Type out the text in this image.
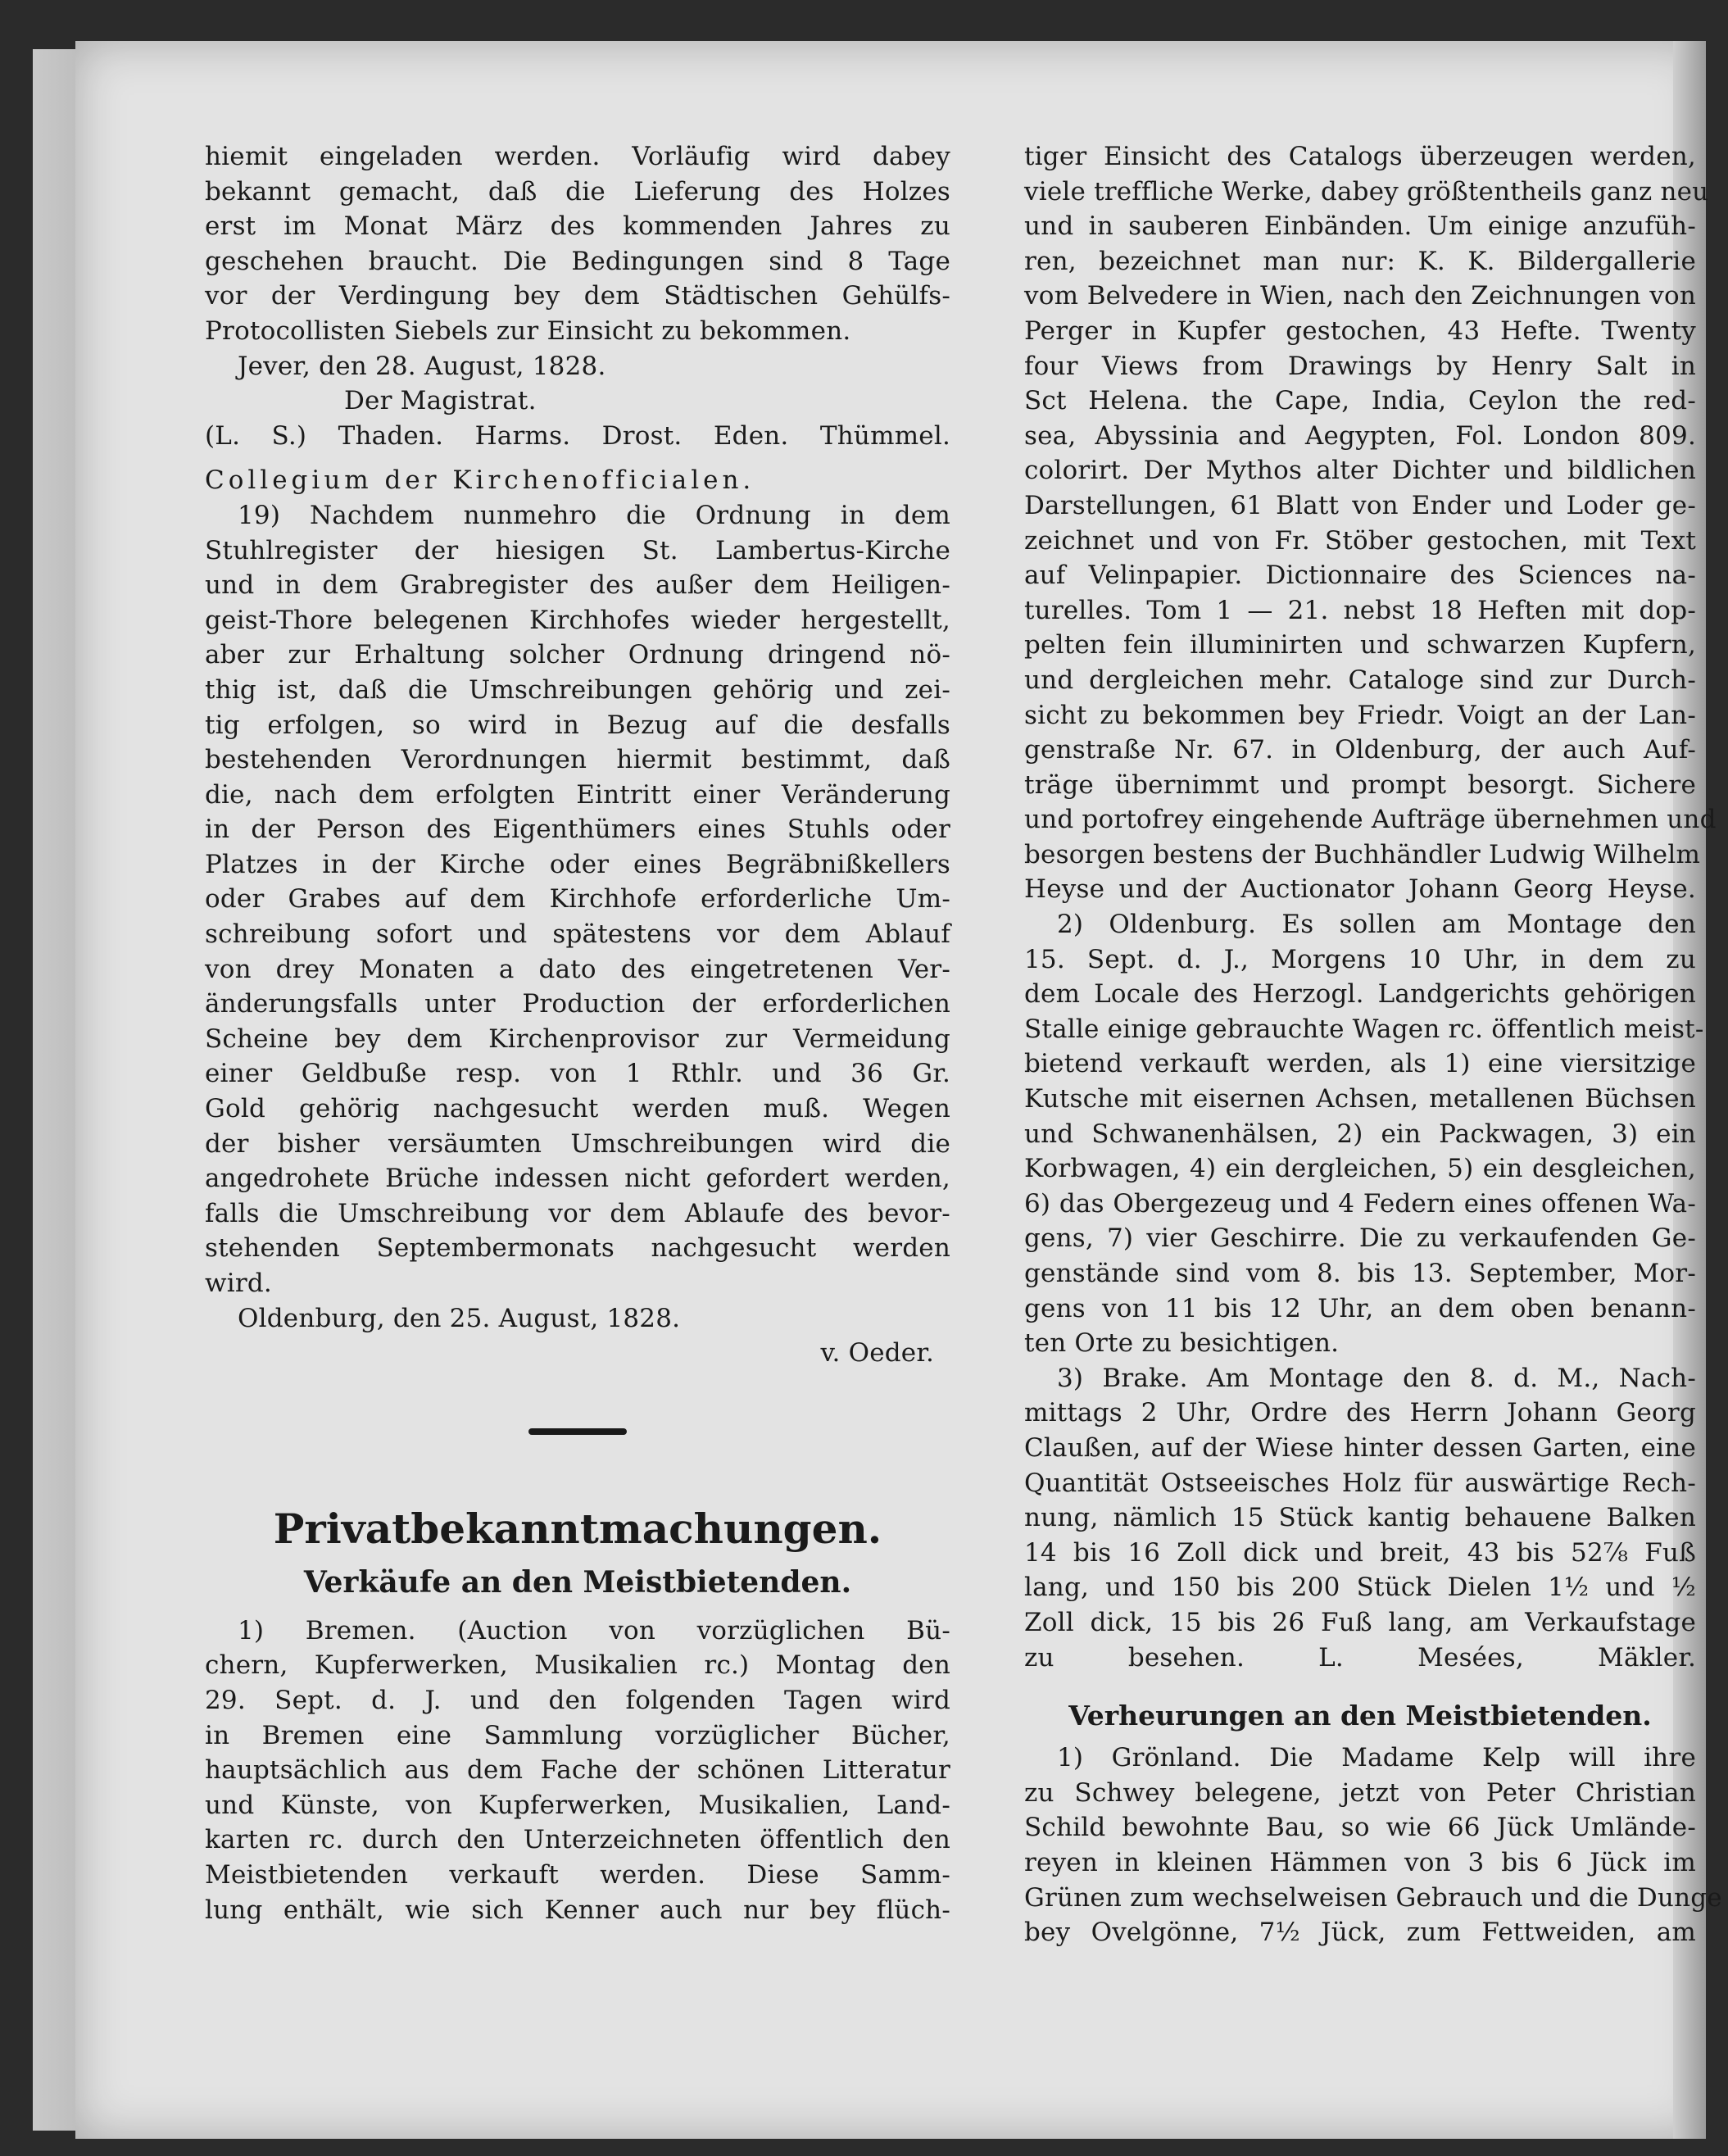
hiemit eingeladen werden. Vorläufig wird dabey
bekannt gemacht, daß die Lieferung des Holzes
erst im Monat März des kommenden Jahres zu
geschehen braucht. Die Bedingungen sind 8 Tage
vor der Verdingung bey dem Städtischen Gehülfs-
Protocollisten Siebels zur Einsicht zu bekommen.
Jever, den 28. August, 1828.
Der Magistrat.
(L. S.) Thaden. Harms. Drost. Eden. Thümmel.
Collegium der Kirchenofficialen.
19) Nachdem nunmehro die Ordnung in dem
Stuhlregister der hiesigen St. Lambertus-Kirche
und in dem Grabregister des außer dem Heiligen-
geist-Thore belegenen Kirchhofes wieder hergestellt,
aber zur Erhaltung solcher Ordnung dringend nö-
thig ist, daß die Umschreibungen gehörig und zei-
tig erfolgen, so wird in Bezug auf die desfalls
bestehenden Verordnungen hiermit bestimmt, daß
die, nach dem erfolgten Eintritt einer Veränderung
in der Person des Eigenthümers eines Stuhls oder
Platzes in der Kirche oder eines Begräbnißkellers
oder Grabes auf dem Kirchhofe erforderliche Um-
schreibung sofort und spätestens vor dem Ablauf
von drey Monaten a dato des eingetretenen Ver-
änderungsfalls unter Production der erforderlichen
Scheine bey dem Kirchenprovisor zur Vermeidung
einer Geldbuße resp. von 1 Rthlr. und 36 Gr.
Gold gehörig nachgesucht werden muß. Wegen
der bisher versäumten Umschreibungen wird die
angedrohete Brüche indessen nicht gefordert werden,
falls die Umschreibung vor dem Ablaufe des bevor-
stehenden Septembermonats nachgesucht werden
wird.
Oldenburg, den 25. August, 1828.
v. Oeder.
Privatbekanntmachungen.
Verkäufe an den Meistbietenden.
1) Bremen. (Auction von vorzüglichen Bü-
chern, Kupferwerken, Musikalien rc.) Montag den
29. Sept. d. J. und den folgenden Tagen wird
in Bremen eine Sammlung vorzüglicher Bücher,
hauptsächlich aus dem Fache der schönen Litteratur
und Künste, von Kupferwerken, Musikalien, Land-
karten rc. durch den Unterzeichneten öffentlich den
Meistbietenden verkauft werden. Diese Samm-
lung enthält, wie sich Kenner auch nur bey flüch-
tiger Einsicht des Catalogs überzeugen werden,
viele treffliche Werke, dabey größtentheils ganz neu
und in sauberen Einbänden. Um einige anzufüh-
ren, bezeichnet man nur: K. K. Bildergallerie
vom Belvedere in Wien, nach den Zeichnungen von
Perger in Kupfer gestochen, 43 Hefte. Twenty
four Views from Drawings by Henry Salt in
Sct Helena. the Cape, India, Ceylon the red-
sea, Abyssinia and Aegypten, Fol. London 809.
colorirt. Der Mythos alter Dichter und bildlichen
Darstellungen, 61 Blatt von Ender und Loder ge-
zeichnet und von Fr. Stöber gestochen, mit Text
auf Velinpapier. Dictionnaire des Sciences na-
turelles. Tom 1 — 21. nebst 18 Heften mit dop-
pelten fein illuminirten und schwarzen Kupfern,
und dergleichen mehr. Cataloge sind zur Durch-
sicht zu bekommen bey Friedr. Voigt an der Lan-
genstraße Nr. 67. in Oldenburg, der auch Auf-
träge übernimmt und prompt besorgt. Sichere
und portofrey eingehende Aufträge übernehmen und
besorgen bestens der Buchhändler Ludwig Wilhelm
Heyse und der Auctionator Johann Georg Heyse.
2) Oldenburg. Es sollen am Montage den
15. Sept. d. J., Morgens 10 Uhr, in dem zu
dem Locale des Herzogl. Landgerichts gehörigen
Stalle einige gebrauchte Wagen rc. öffentlich meist-
bietend verkauft werden, als 1) eine viersitzige
Kutsche mit eisernen Achsen, metallenen Büchsen
und Schwanenhälsen, 2) ein Packwagen, 3) ein
Korbwagen, 4) ein dergleichen, 5) ein desgleichen,
6) das Obergezeug und 4 Federn eines offenen Wa-
gens, 7) vier Geschirre. Die zu verkaufenden Ge-
genstände sind vom 8. bis 13. September, Mor-
gens von 11 bis 12 Uhr, an dem oben benann-
ten Orte zu besichtigen.
3) Brake. Am Montage den 8. d. M., Nach-
mittags 2 Uhr, Ordre des Herrn Johann Georg
Claußen, auf der Wiese hinter dessen Garten, eine
Quantität Ostseeisches Holz für auswärtige Rech-
nung, nämlich 15 Stück kantig behauene Balken
14 bis 16 Zoll dick und breit, 43 bis 52⅞ Fuß
lang, und 150 bis 200 Stück Dielen 1½ und ½
Zoll dick, 15 bis 26 Fuß lang, am Verkaufstage
zu besehen. L. Mesées, Mäkler.
Verheurungen an den Meistbietenden.
1) Grönland. Die Madame Kelp will ihre
zu Schwey belegene, jetzt von Peter Christian
Schild bewohnte Bau, so wie 66 Jück Umlände-
reyen in kleinen Hämmen von 3 bis 6 Jück im
Grünen zum wechselweisen Gebrauch und die Dunge
bey Ovelgönne, 7½ Jück, zum Fettweiden, am
